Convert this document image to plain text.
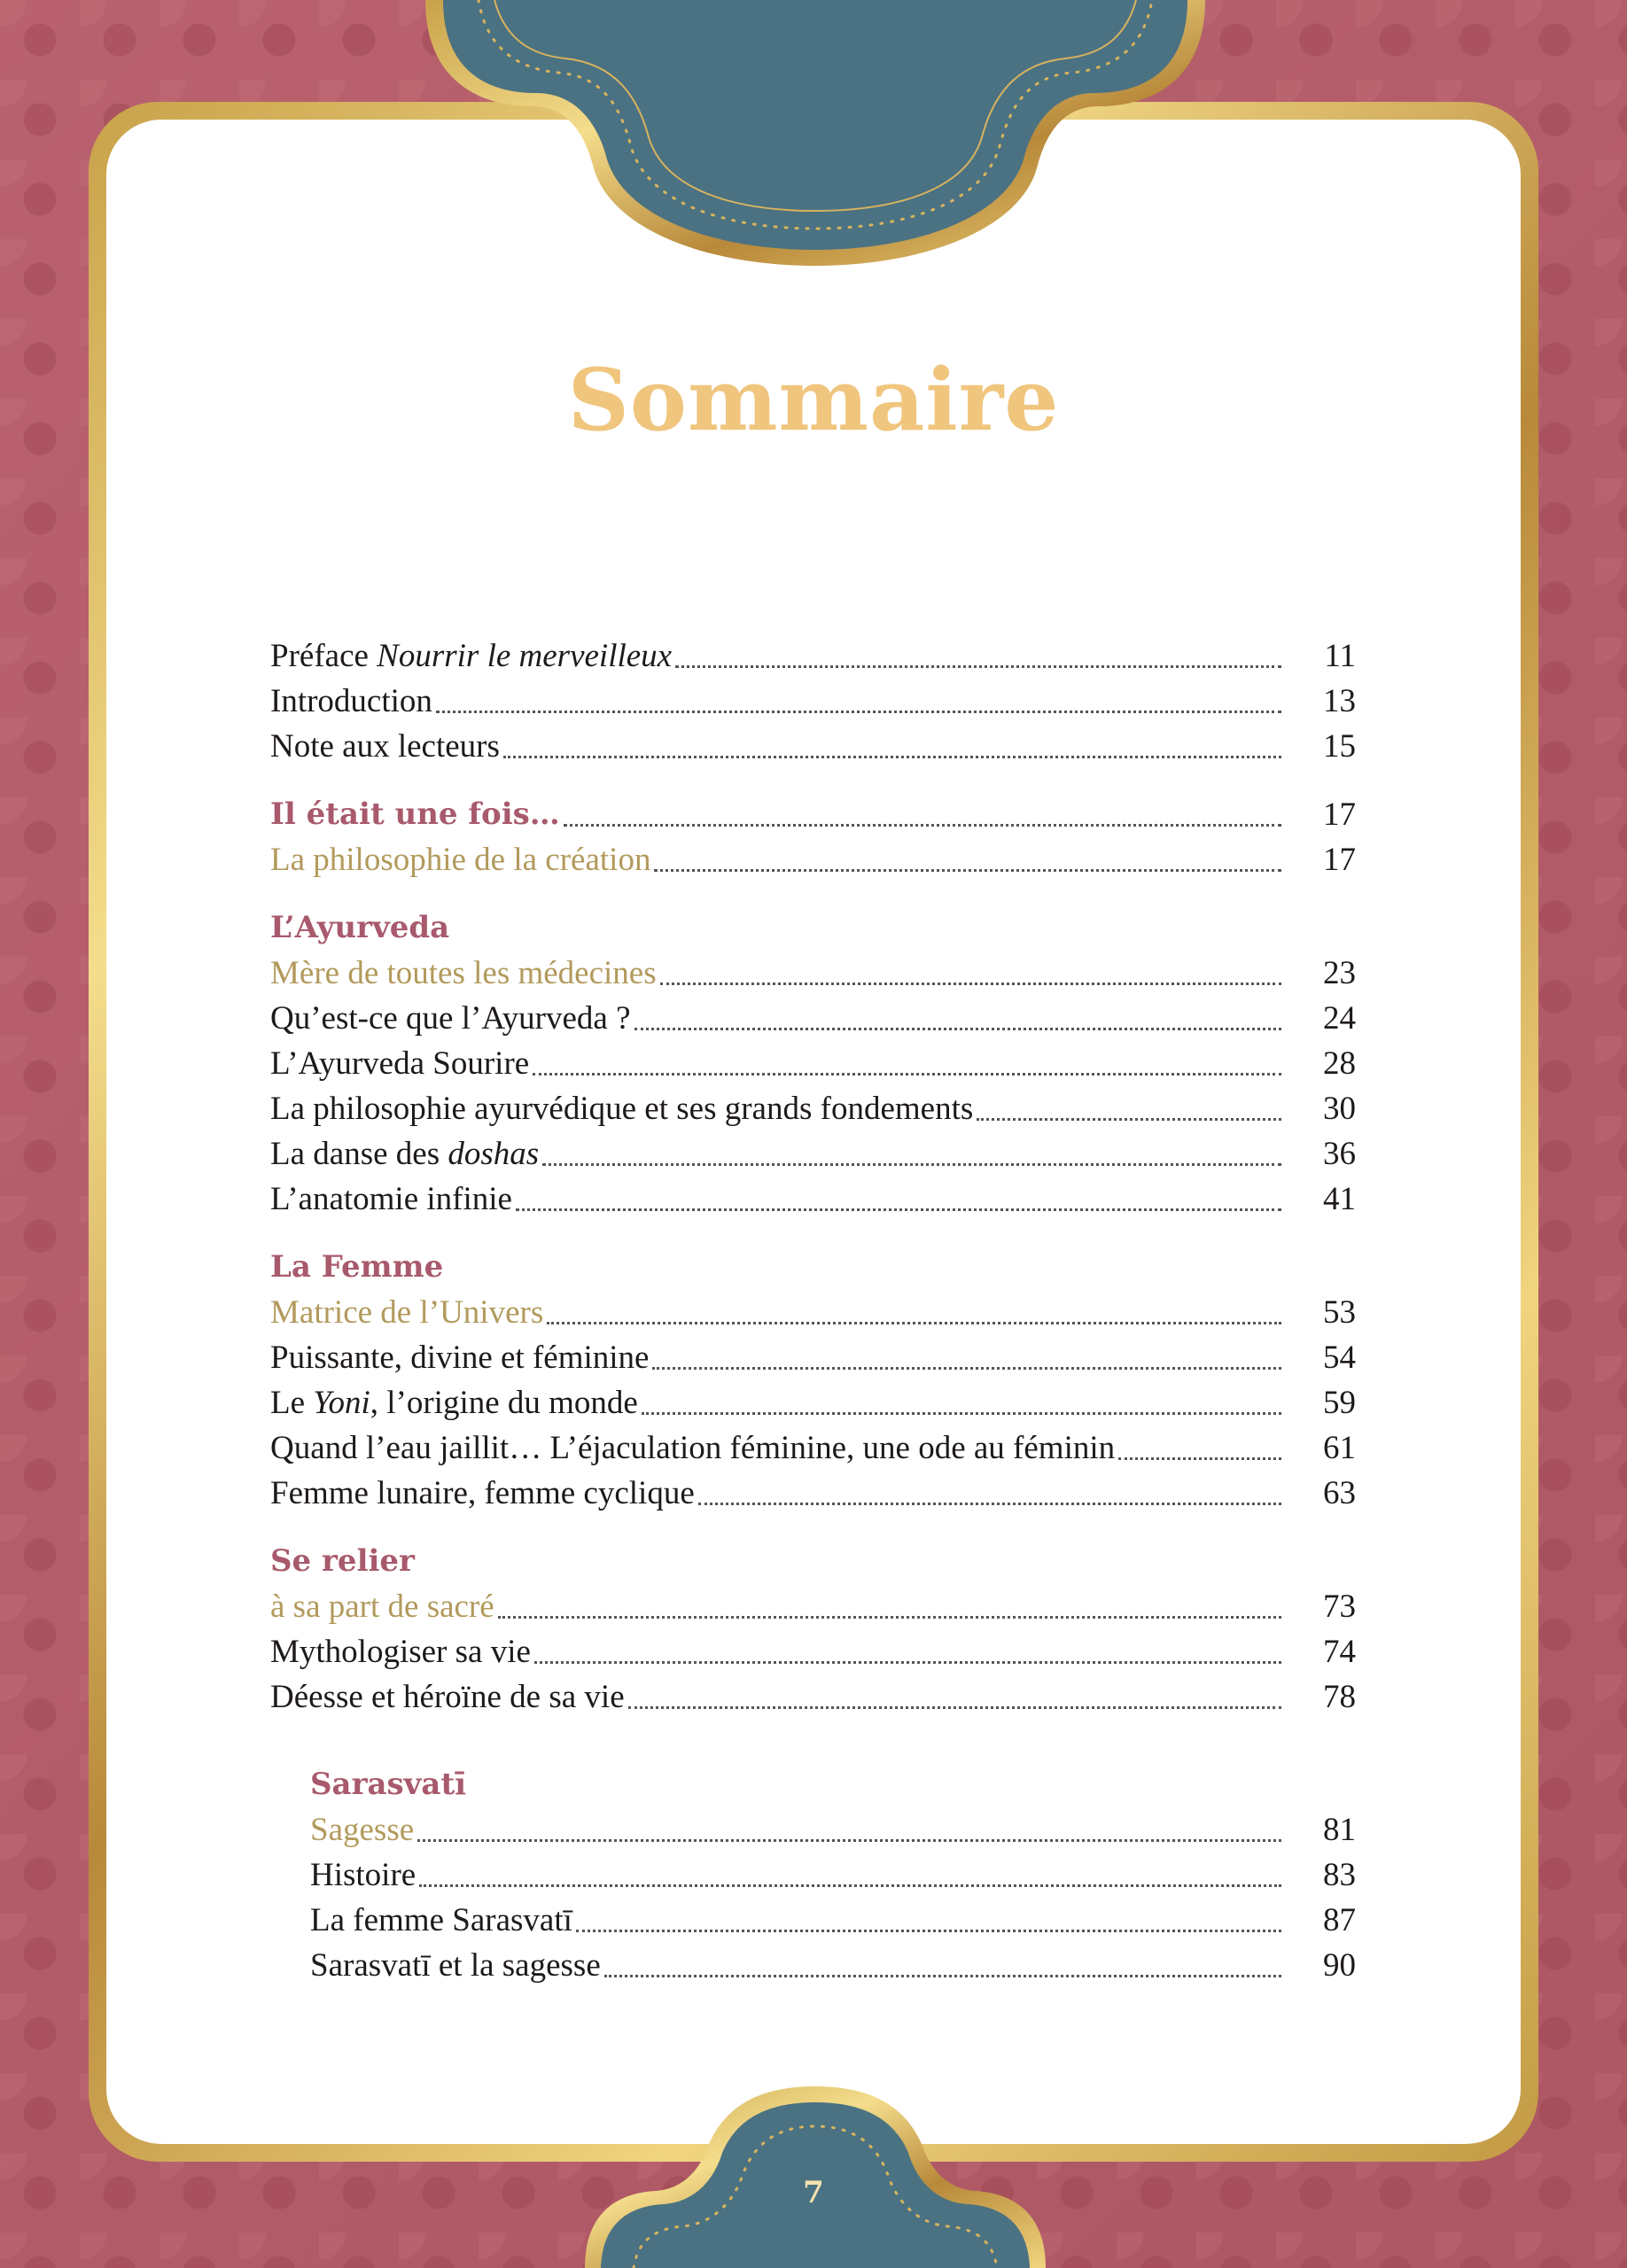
Sommaire
Préface Nourrir le merveilleux	11
Introduction	13
Note aux lecteurs	15
Il était une fois…	17
La philosophie de la création	17
L’Ayurveda
Mère de toutes les médecines	23
Qu’est-ce que l’Ayurveda ?	24
L’Ayurveda Sourire	28
La philosophie ayurvédique et ses grands fondements	30
La danse des doshas	36
L’anatomie infinie	41
La Femme
Matrice de l’Univers	53
Puissante, divine et féminine	54
Le Yoni, l’origine du monde	59
Quand l’eau jaillit… L’éjaculation féminine, une ode au féminin	61
Femme lunaire, femme cyclique	63
Se relier
à sa part de sacré	73
Mythologiser sa vie	74
Déesse et héroïne de sa vie	78
Sarasvatī
Sagesse	81
Histoire	83
La femme Sarasvatī	87
Sarasvatī et la sagesse	90
7
